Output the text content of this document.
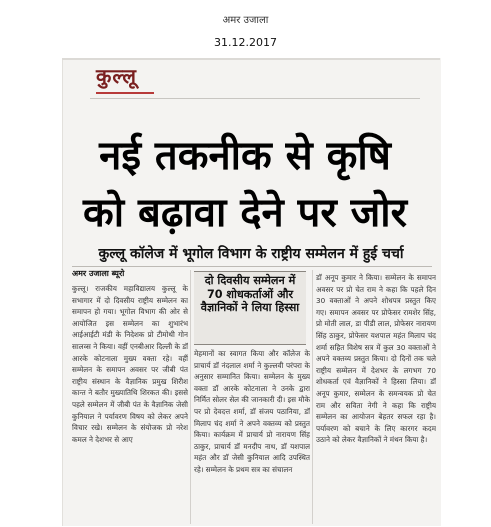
अमर उजाला
31.12.2017
कुल्लू
नई तकनीक से कृषि
को बढ़ावा देने पर जोर
कुल्लू कॉलेज में भूगोल विभाग के राष्ट्रीय सम्मेलन में हुई चर्चा
अमर उजाला ब्यूरो

कुल्लू। राजकीय महाविद्यालय कुल्लू के सभागार में दो दिवसीय राष्ट्रीय सम्मेलन का समापन हो गया। भूगोल विभाग की ओर से आयोजित इस सम्मेलन का शुभारंभ आईआईटी मंडी के निदेशक प्रो टीमोथी गोन सालव्स ने किया। वहीं एनबीआर दिल्ली के डॉ आरके कोटनाला मुख्य वक्ता रहे। वहीं सम्मेलन के समापन अवसर पर जीबी पंत राष्ट्रीय संस्थान के वैज्ञानिक प्रमुख शिरीश कान्त ने बतौर मुख्यातिथि शिरकत की। इससे पहले सम्मेलन में जीबी पंत के वैज्ञानिक जेसी कुनियाल ने पर्यावरण विषय को लेकर अपने विचार रखे। सम्मेलन के संयोजक प्रो नरेश कमल ने देशभर से आए

दो दिवसीय सम्मेलन में 70 शोधकर्ताओं और वैज्ञानिकों ने लिया हिस्सा

मेहमानों का स्वागत किया और कॉलेज के प्राचार्य डॉ नंदलाल शर्मा ने कुल्लवी परंपरा के अनुसार सम्मानित किया। सम्मेलन के मुख्य वक्ता डॉ आरके कोटनाला ने उनके द्वारा निर्मित सोलर सेल की जानकारी दी। इस मौके पर प्रो देवदत्त शर्मा, डॉ संजय पठानिया, डॉ मिलाप चंद शर्मा ने अपने वक्तव्य को प्रस्तुत किया। कार्यक्रम में प्राचार्य प्रो नारायण सिंह ठाकुर, प्राचार्य डॉ मनदीप नाथ, डॉ यशपाल महंत और डॉ जेसी कुनियाल आदि उपस्थित रहे। सम्मेलन के प्रथम सत्र का संचालन

डॉ अनूप कुमार ने किया। सम्मेलन के समापन अवसर पर प्रो चेत राम ने कहा कि पहले दिन 30 वक्ताओं ने अपने शोधपत्र प्रस्तुत किए गए। समापन अवसर पर प्रोफेसर रामशेर सिंह, प्रो मोती लाल, डा पीडी लाल, प्रोफेसर नारायण सिंह ठाकुर, प्रोफेसर यशपाल महंत मिलाप चंद शर्मा सहित विशेष सत्र में कुल 30 वक्ताओं ने अपने वक्तव्य प्रस्तुत किया। दो दिनों तक चले राष्ट्रीय सम्मेलन में देशभर के लगभग 70 शोधकर्ता एवं वैज्ञानिकों ने हिस्सा लिया। डॉ अनूप कुमार, सम्मेलन के समन्वयक प्रो चेत राम और सविता नेगी ने कहा कि राष्ट्रीय सम्मेलन का आयोजन बेहतर सफल रहा है। पर्यावरण को बचाने के लिए कारगर कदम उठाने को लेकर वैज्ञानिकों ने मंथन किया है।
